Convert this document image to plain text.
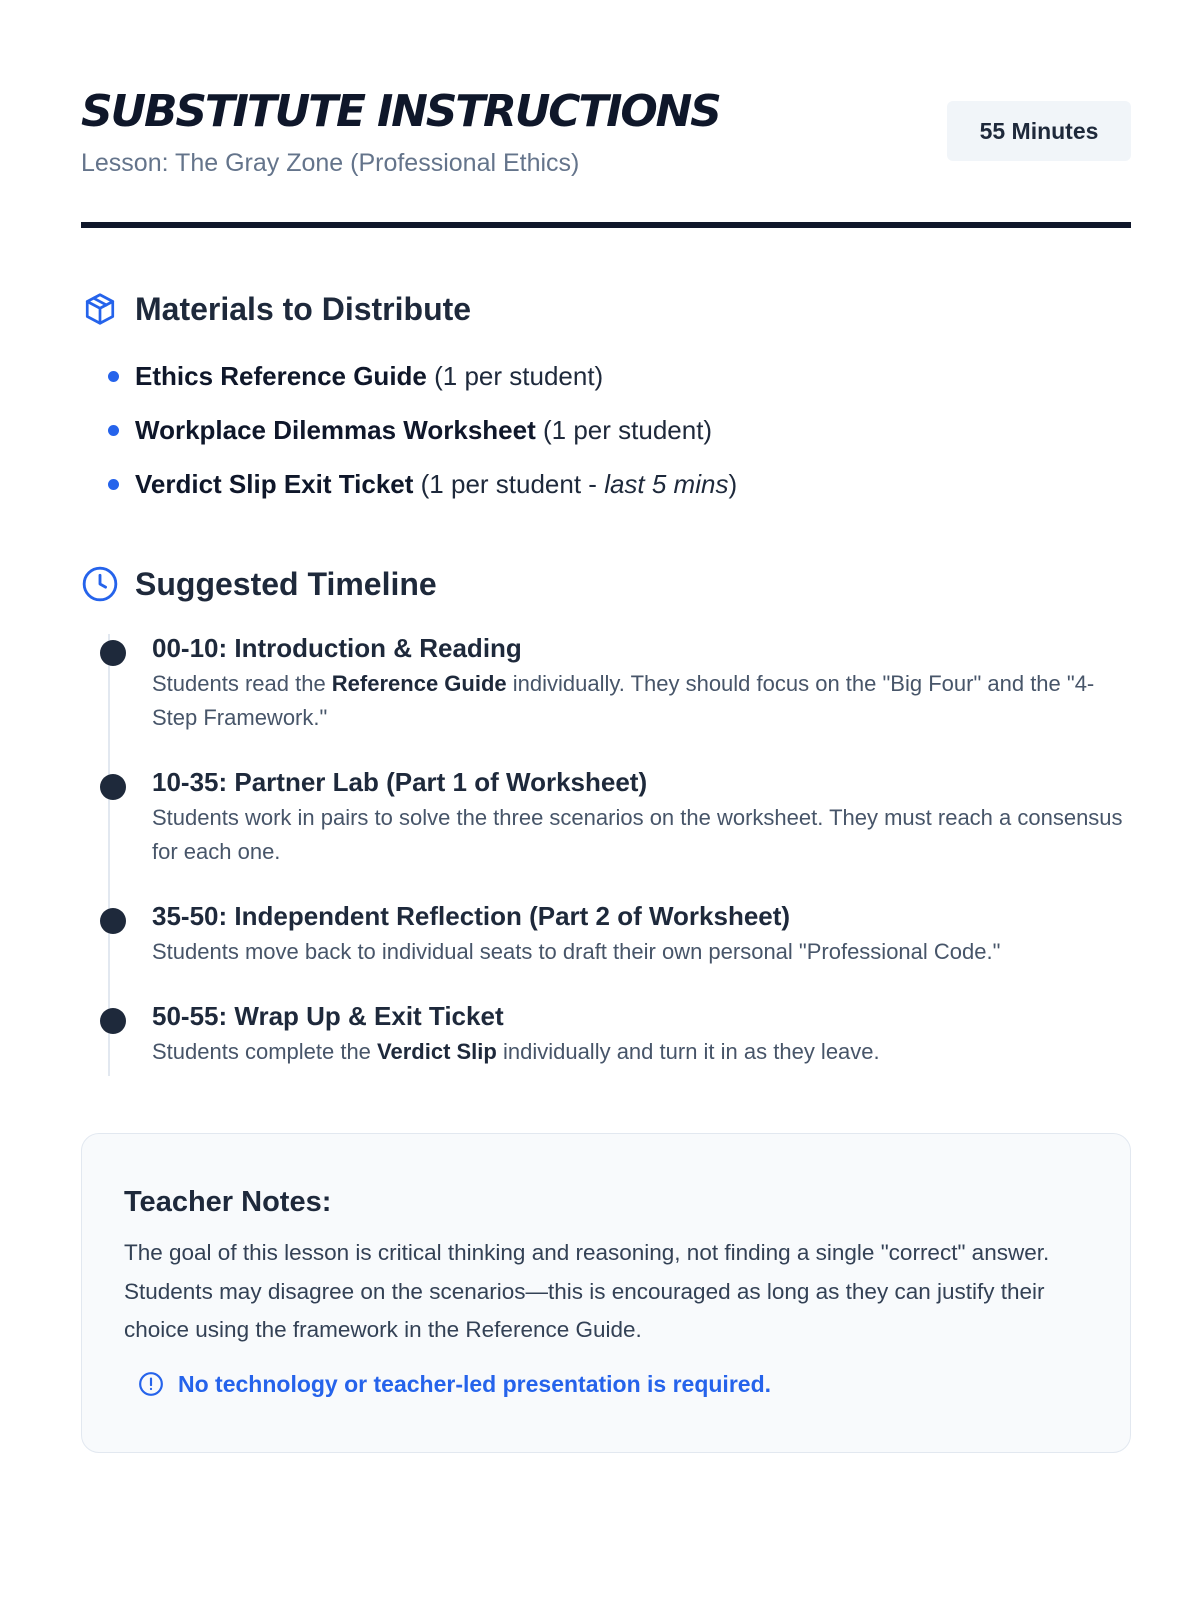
SUBSTITUTE INSTRUCTIONS

Lesson: The Gray Zone (Professional Ethics)

55 Minutes
Materials to Distribute
Ethics Reference Guide (1 per student)
Workplace Dilemmas Worksheet (1 per student)
Verdict Slip Exit Ticket (1 per student - last 5 mins)
Suggested Timeline

00-10: Introduction & Reading

Students read the Reference Guide individually. They should focus on the "Big Four" and the "4-Step Framework."

10-35: Partner Lab (Part 1 of Worksheet)

Students work in pairs to solve the three scenarios on the worksheet. They must reach a consensus for each one.

35-50: Independent Reflection (Part 2 of Worksheet)

Students move back to individual seats to draft their own personal "Professional Code."

50-55: Wrap Up & Exit Ticket

Students complete the Verdict Slip individually and turn it in as they leave.

Teacher Notes:

The goal of this lesson is critical thinking and reasoning, not finding a single "correct" answer. Students may disagree on the scenarios—this is encouraged as long as they can justify their choice using the framework in the Reference Guide.

No technology or teacher-led presentation is required.
